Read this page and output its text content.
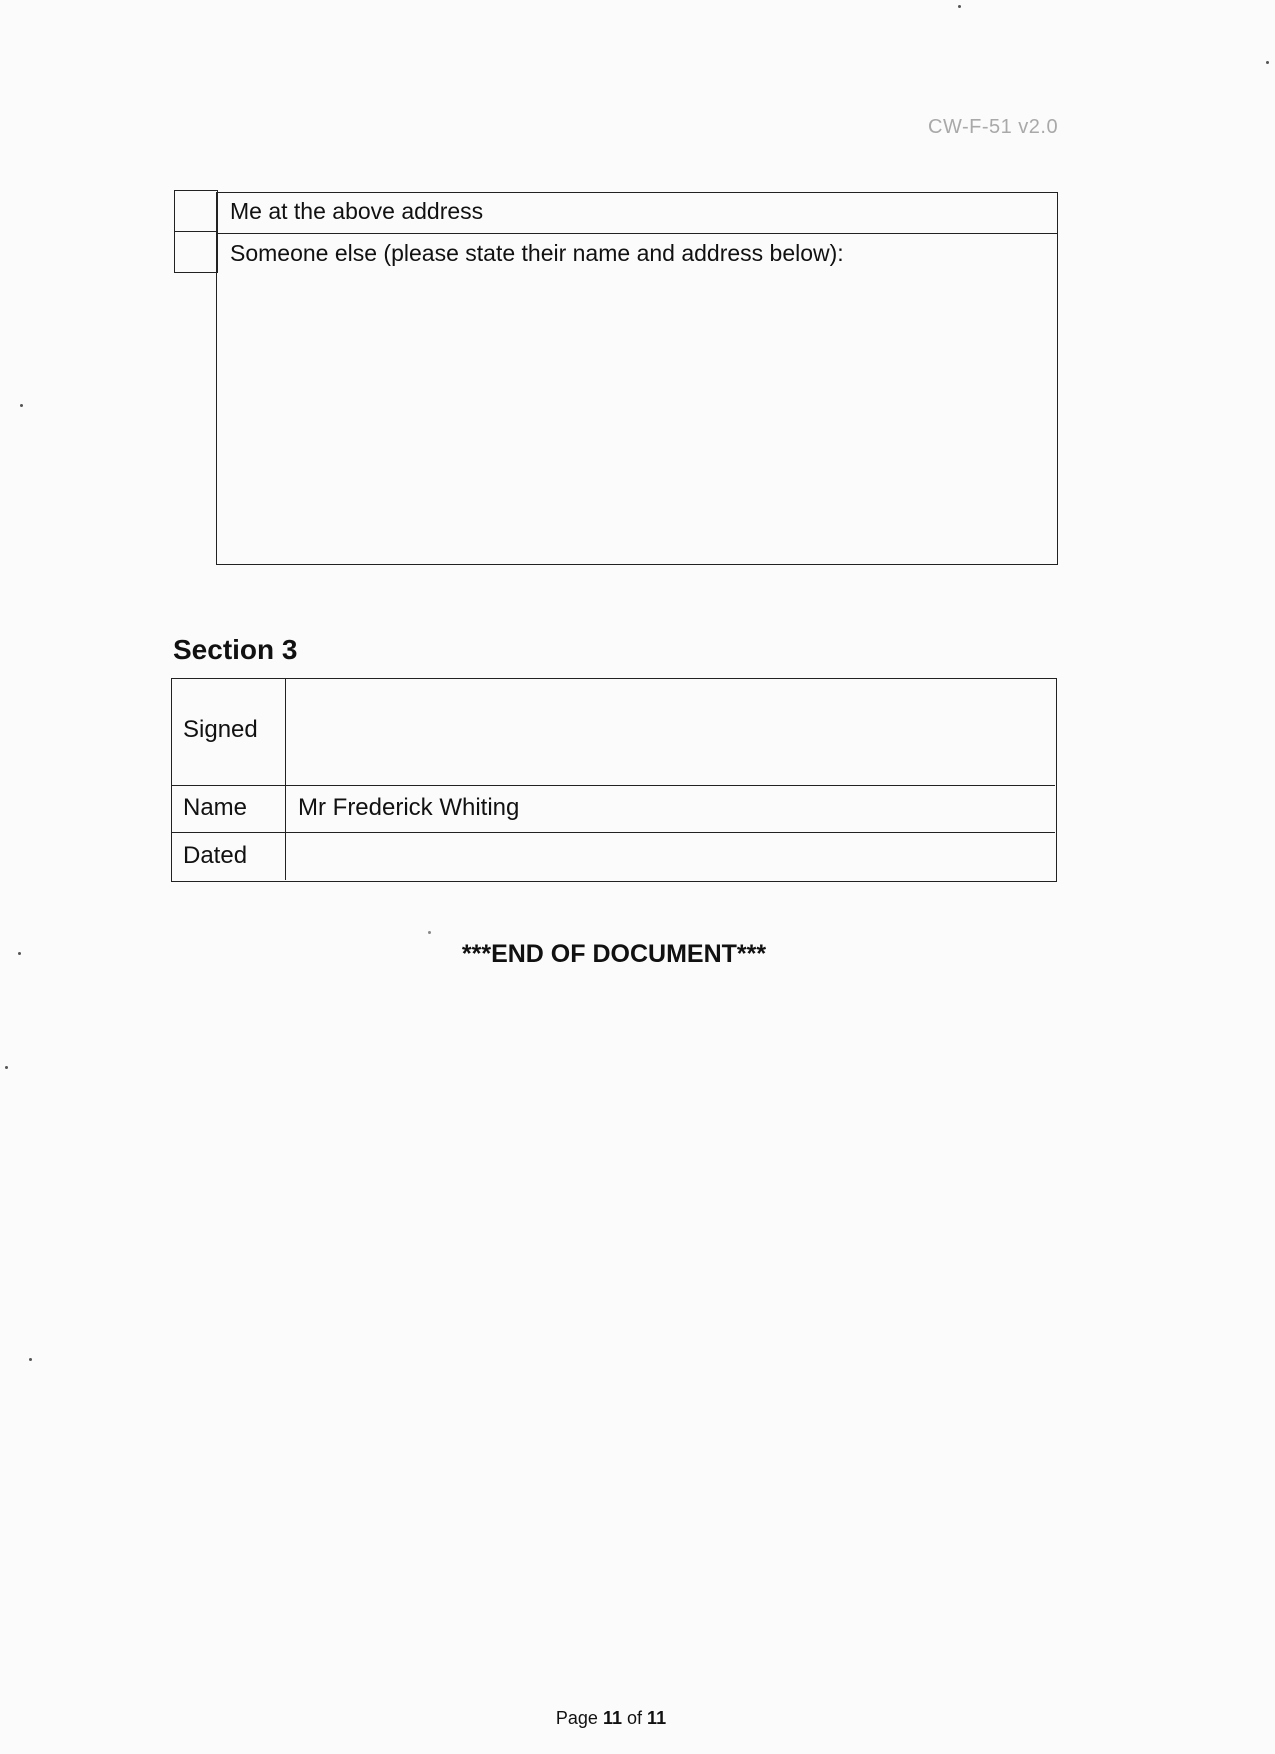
CW-F-51 v2.0
Me at the above address
Someone else (please state their name and address below):
Section 3
Signed
Name Mr Frederick Whiting
Dated
***END OF DOCUMENT***
Page 11 of 11
